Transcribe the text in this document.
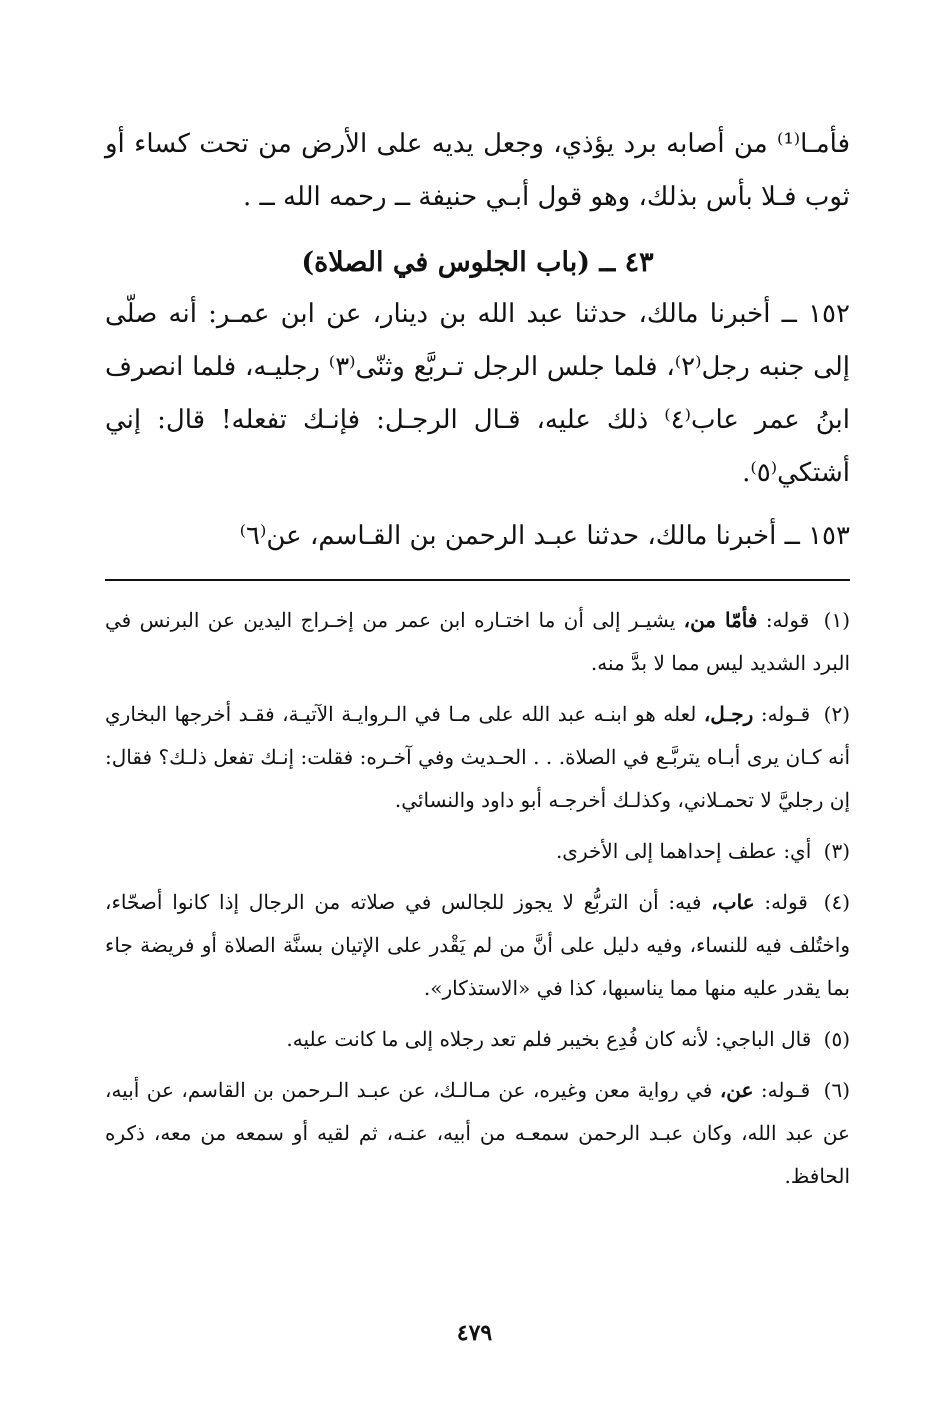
فأمـا⁽¹⁾ من أصابه برد يؤذي، وجعل يديه على الأرض من تحت كساء أو ثوب فـلا بأس بذلك، وهو قول أبـي حنيفة ــ رحمه الله ــ .

٤٣ ــ (باب الجلوس في الصلاة)

١٥٢ ــ أخبرنا مالك، حدثنا عبد الله بن دينار، عن ابن عمـر: أنه صلّى إلى جنبه رجل⁽٢⁾، فلما جلس الرجل تـربَّع وثنّى⁽٣⁾ رجليـه، فلما انصرف ابنُ عمر عاب⁽٤⁾ ذلك عليه، قـال الرجـل: فإنـك تفعله! قال: إني أشتكي⁽٥⁾.

١٥٣ ــ أخبرنا مالك، حدثنا عبـد الرحمن بن القـاسم، عن⁽٦⁾

(١) قوله: فأمّا من، يشيـر إلى أن ما اختـاره ابن عمر من إخـراج اليدين عن البرنس في البرد الشديد ليس مما لا بدَّ منه.

(٢) قـوله: رجـل، لعله هو ابنـه عبد الله على مـا في الـروايـة الآتيـة، فقـد أخرجها البخاري أنه كـان يرى أبـاه يتربَّـع في الصلاة. . . الحـديث وفي آخـره: فقلت: إنـك تفعل ذلـك؟ فقال: إن رجليَّ لا تحمـلاني، وكذلـك أخرجـه أبو داود والنسائي.

(٣) أي: عطف إحداهما إلى الأخرى.

(٤) قوله: عاب، فيه: أن التربُّع لا يجوز للجالس في صلاته من الرجال إذا كانوا أصحّاء، واختُلف فيه للنساء، وفيه دليل على أنَّ من لم يَقْدر على الإتيان بسنَّة الصلاة أو فريضة جاء بما يقدر عليه منها مما يناسبها، كذا في «الاستذكار».

(٥) قال الباجي: لأنه كان فُدِع بخيبر فلم تعد رجلاه إلى ما كانت عليه.

(٦) قـوله: عن، في رواية معن وغيره، عن مـالـك، عن عبـد الـرحمن بن القاسم، عن أبيه، عن عبد الله، وكان عبـد الرحمن سمعـه من أبيه، عنـه، ثم لقيه أو سمعه من معه، ذكره الحافظ.

٤٧٩
